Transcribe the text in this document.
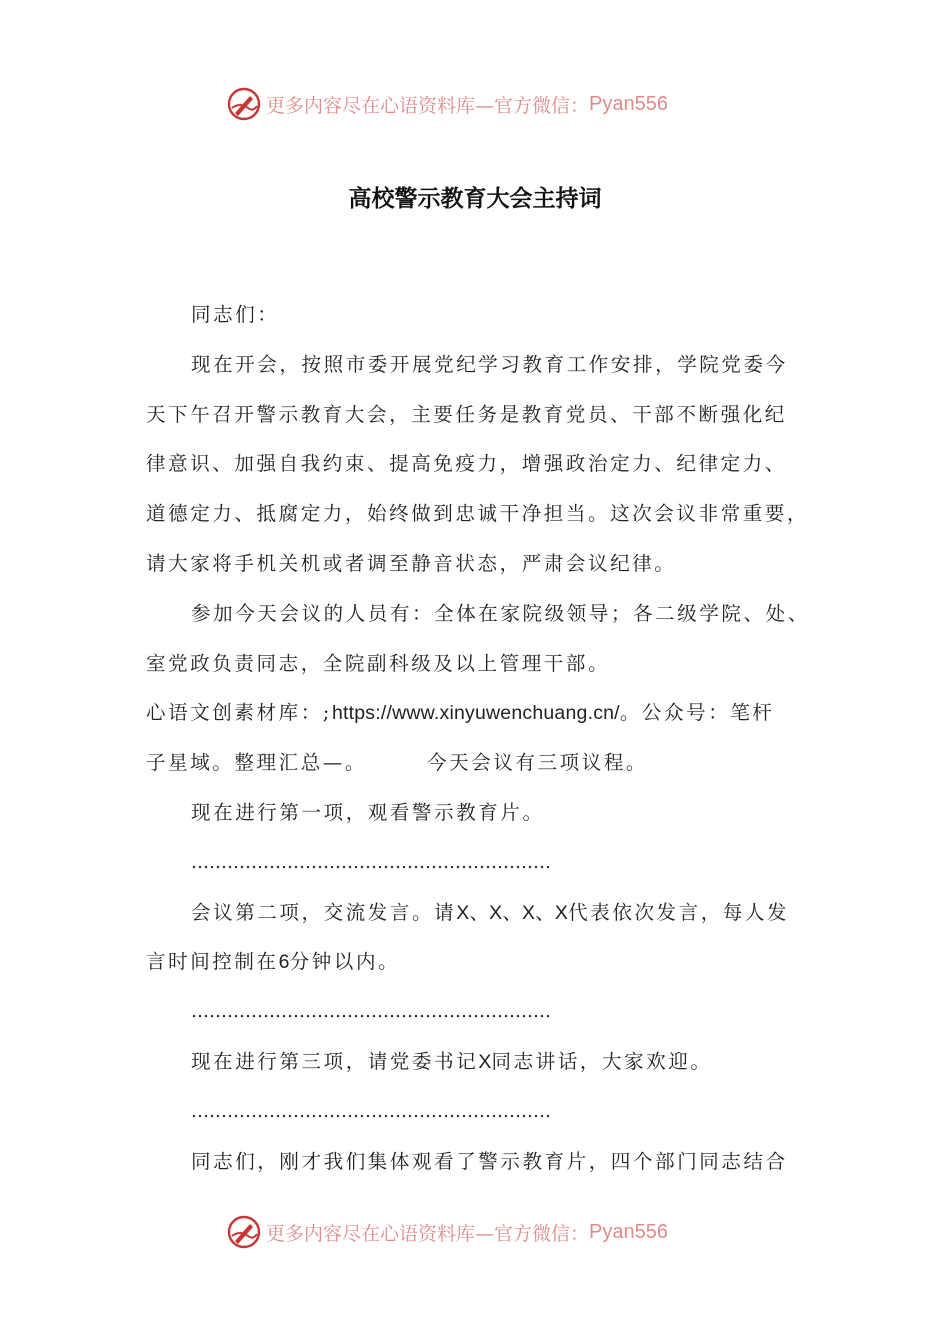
更多内容尽在心语资料库—官方微信： Pyan556
高校警示教育大会主持词
同志们：
现在开会，按照市委开展党纪学习教育工作安排，学院党委今
天下午召开警示教育大会，主要任务是教育党员、干部不断强化纪
律意识、加强自我约束、提高免疫力，增强政治定力、纪律定力、
道德定力、抵腐定力，始终做到忠诚干净担当。这次会议非常重要，
请大家将手机关机或者调至静音状态，严肃会议纪律。
参加今天会议的人员有：全体在家院级领导；各二级学院、处、
室党政负责同志，全院副科级及以上管理干部。
心语文创素材库：;https://www.xinyuwenchuang.cn/。公众号：笔杆
子星域。整理汇总—。	今天会议有三项议程。
现在进行第一项，观看警示教育片。
……………………………………………………
会议第二项，交流发言。请X、X、X、X代表依次发言，每人发
言时间控制在6分钟以内。
……………………………………………………
现在进行第三项，请党委书记X同志讲话，大家欢迎。
……………………………………………………
同志们，刚才我们集体观看了警示教育片，四个部门同志结合
更多内容尽在心语资料库—官方微信： Pyan556
